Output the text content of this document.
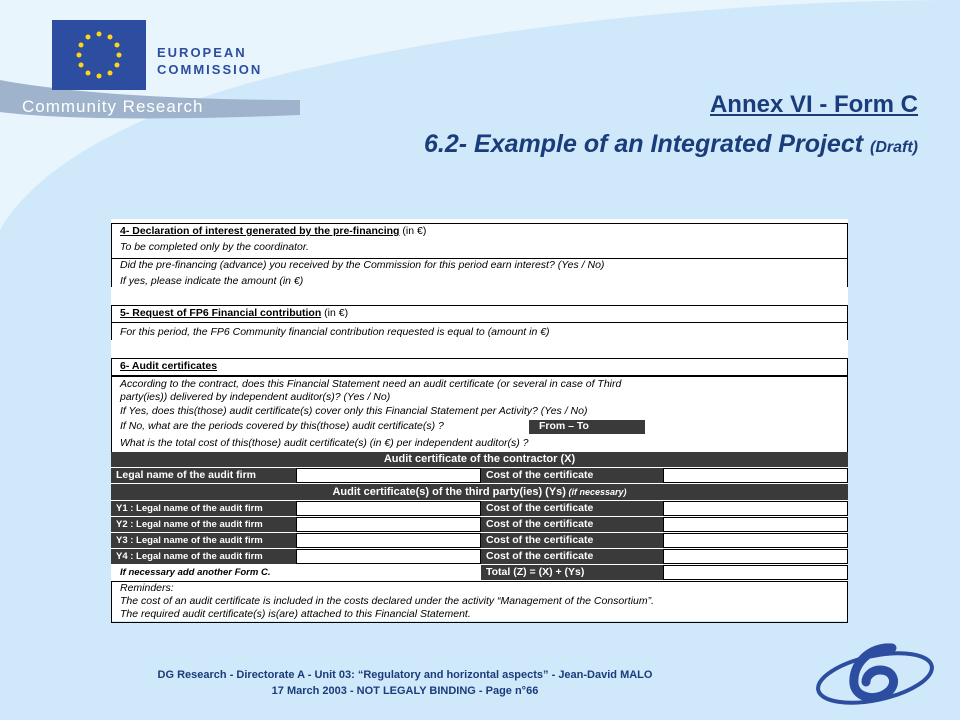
EUROPEAN
COMMISSION
Community Research	Annex VI - Form C
6.2- Example of an Integrated Project (Draft)
4- Declaration of interest generated by the pre-financing (in €)
To be completed only by the coordinator.
Did the pre-financing (advance) you received by the Commission for this period earn interest? (Yes / No)
If yes, please indicate the amount (in €)
5- Request of FP6 Financial contribution (in €)
For this period, the FP6 Community financial contribution requested is equal to (amount in €)
6- Audit certificates
According to the contract, does this Financial Statement need an audit certificate (or several in case of Third
party(ies)) delivered by independent auditor(s)? (Yes / No)
If Yes, does this(those) audit certificate(s) cover only this Financial Statement per Activity? (Yes / No)
If No, what are the periods covered by this(those) audit certificate(s) ?	From – To
What is the total cost of this(those) audit certificate(s) (in €) per independent auditor(s) ?
Audit certificate of the contractor (X)
Legal name of the audit firm	Cost of the certificate
Audit certificate(s) of the third party(ies) (Ys) (if necessary)
Y1 : Legal name of the audit firm	Cost of the certificate
Y2 : Legal name of the audit firm	Cost of the certificate
Y3 : Legal name of the audit firm	Cost of the certificate
Y4 : Legal name of the audit firm	Cost of the certificate
If necessary add another Form C.	Total (Z) = (X) + (Ys)
Reminders:
The cost of an audit certificate is included in the costs declared under the activity “Management of the Consortium”.
The required audit certificate(s) is(are) attached to this Financial Statement.
DG Research - Directorate A - Unit 03: “Regulatory and horizontal aspects” - Jean-David MALO
17 March 2003 - NOT LEGALY BINDING - Page n°66
